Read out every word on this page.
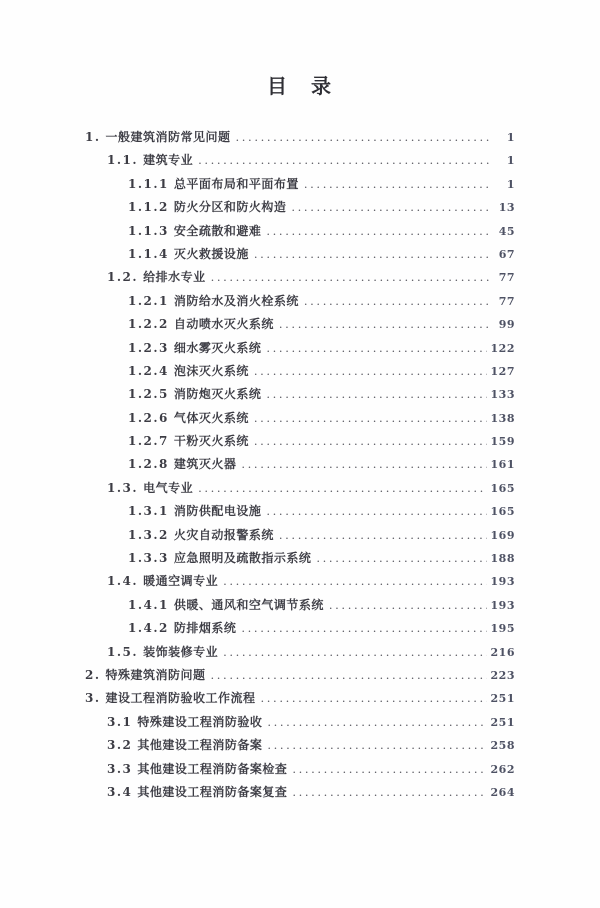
目　录
1. 一般建筑消防常见问题 .....	1
1.1. 建筑专业 .....	1
1.1.1 总平面布局和平面布置 .....	1
1.1.2 防火分区和防火构造 .....	13
1.1.3 安全疏散和避难 .....	45
1.1.4 灭火救援设施 .....	67
1.2. 给排水专业 .....	77
1.2.1 消防给水及消火栓系统 .....	77
1.2.2 自动喷水灭火系统 .....	99
1.2.3 细水雾灭火系统 .....	122
1.2.4 泡沫灭火系统 .....	127
1.2.5 消防炮灭火系统 .....	133
1.2.6 气体灭火系统 .....	138
1.2.7 干粉灭火系统 .....	159
1.2.8 建筑灭火器 .....	161
1.3. 电气专业 .....	165
1.3.1 消防供配电设施 .....	165
1.3.2 火灾自动报警系统 .....	169
1.3.3 应急照明及疏散指示系统 .....	188
1.4. 暖通空调专业 .....	193
1.4.1 供暖、通风和空气调节系统 .....	193
1.4.2 防排烟系统 .....	195
1.5. 装饰装修专业 .....	216
2. 特殊建筑消防问题 .....	223
3. 建设工程消防验收工作流程 .....	251
3.1 特殊建设工程消防验收 .....	251
3.2 其他建设工程消防备案 .....	258
3.3 其他建设工程消防备案检查 .....	262
3.4 其他建设工程消防备案复查 .....	264
